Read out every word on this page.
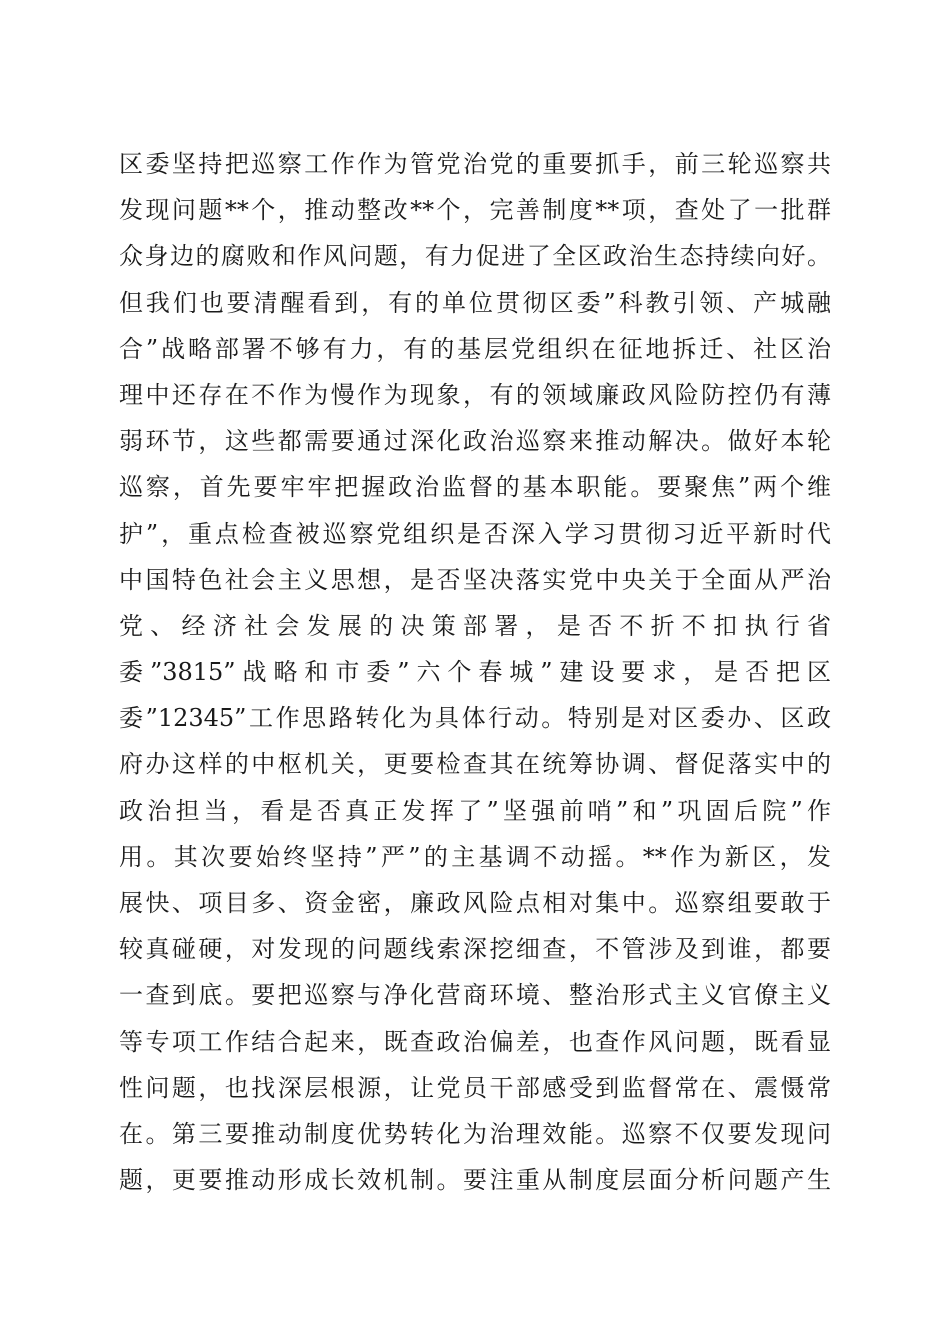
区委坚持把巡察工作作为管党治党的重要抓手，前三轮巡察共
发现问题**个，推动整改**个，完善制度**项，查处了一批群
众身边的腐败和作风问题，有力促进了全区政治生态持续向好。
但我们也要清醒看到，有的单位贯彻区委”科教引领、产城融
合”战略部署不够有力，有的基层党组织在征地拆迁、社区治
理中还存在不作为慢作为现象，有的领域廉政风险防控仍有薄
弱环节，这些都需要通过深化政治巡察来推动解决。做好本轮
巡察，首先要牢牢把握政治监督的基本职能。要聚焦”两个维
护”，重点检查被巡察党组织是否深入学习贯彻习近平新时代
中国特色社会主义思想，是否坚决落实党中央关于全面从严治
党、经济社会发展的决策部署，是否不折不扣执行省
委”3815”战略和市委”六个春城”建设要求，是否把区
委”12345”工作思路转化为具体行动。特别是对区委办、区政
府办这样的中枢机关，更要检查其在统筹协调、督促落实中的
政治担当，看是否真正发挥了”坚强前哨”和”巩固后院”作
用。其次要始终坚持”严”的主基调不动摇。**作为新区，发
展快、项目多、资金密，廉政风险点相对集中。巡察组要敢于
较真碰硬，对发现的问题线索深挖细查，不管涉及到谁，都要
一查到底。要把巡察与净化营商环境、整治形式主义官僚主义
等专项工作结合起来，既查政治偏差，也查作风问题，既看显
性问题，也找深层根源，让党员干部感受到监督常在、震慑常
在。第三要推动制度优势转化为治理效能。巡察不仅要发现问
题，更要推动形成长效机制。要注重从制度层面分析问题产生
